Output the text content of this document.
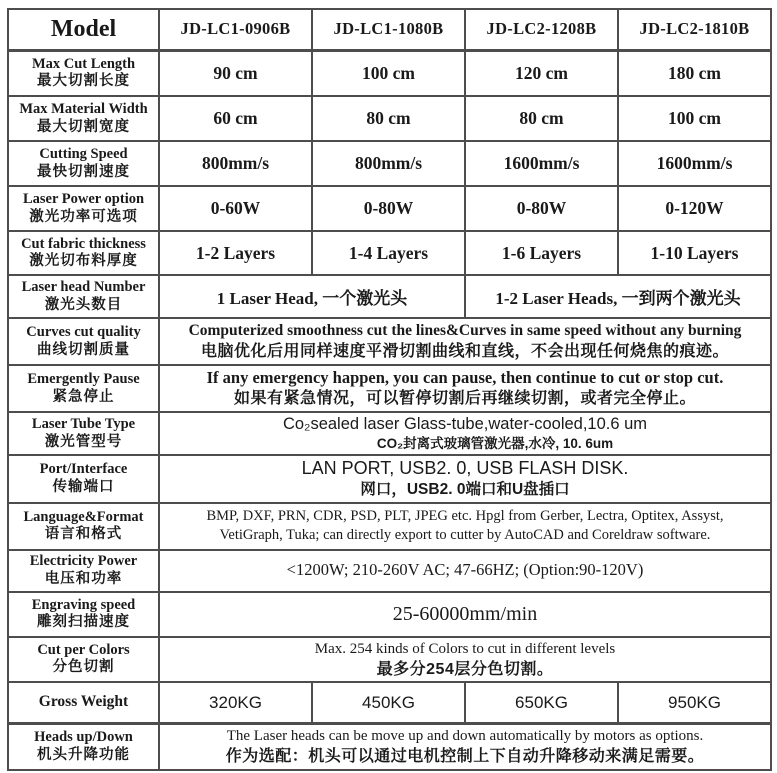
Model	JD-LC1-0906B	JD-LC1-1080B	JD-LC2-1208B	JD-LC2-1810B

Max Cut Length
最大切割长度	90 cm	100 cm	120 cm	180 cm

Max Material Width
最大切割宽度	60 cm	80 cm	80 cm	100 cm

Cutting Speed
最快切割速度	800mm/s	800mm/s	1600mm/s	1600mm/s

Laser Power option
激光功率可选项	0-60W	0-80W	0-80W	0-120W

Cut fabric thickness
激光切布料厚度	1-2 Layers	1-4 Layers	1-6 Layers	1-10 Layers

Laser head Number
激光头数目	1 Laser Head, 一个激光头		1-2 Laser Heads, 一到两个激光头	

Curves cut quality
曲线切割质量	Computerized smoothness cut the lines&Curves in same speed without any burning
电脑优化后用同样速度平滑切割曲线和直线，不会出现任何烧焦的痕迹。			

Emergently Pause
紧急停止	If any emergency happen, you can pause, then continue to cut or stop cut.
如果有紧急情况，可以暂停切割后再继续切割，或者完全停止。			

Laser Tube Type
激光管型号	Co₂sealed laser Glass-tube,water-cooled,10.6 um
CO₂封离式玻璃管激光器,水冷, 10. 6um			

Port/Interface
传输端口	LAN PORT, USB2. 0, USB FLASH DISK.
网口，USB2. 0端口和U盘插口			

Language&Format
语言和格式	BMP, DXF, PRN, CDR, PSD, PLT, JPEG etc. Hpgl from Gerber, Lectra, Optitex, Assyst,
VetiGraph, Tuka; can directly export to cutter by AutoCAD and Coreldraw software.			

Electricity Power
电压和功率	<1200W; 210-260V AC; 47-66HZ; (Option:90-120V)			

Engraving speed
雕刻扫描速度	25-60000mm/min			

Cut per Colors
分色切割	Max. 254 kinds of Colors to cut in different levels
最多分254层分色切割。			

Gross Weight	320KG	450KG	650KG	950KG

Heads up/Down
机头升降功能	The Laser heads can be move up and down automatically by motors as options.
作为选配：机头可以通过电机控制上下自动升降移动来满足需要。			
